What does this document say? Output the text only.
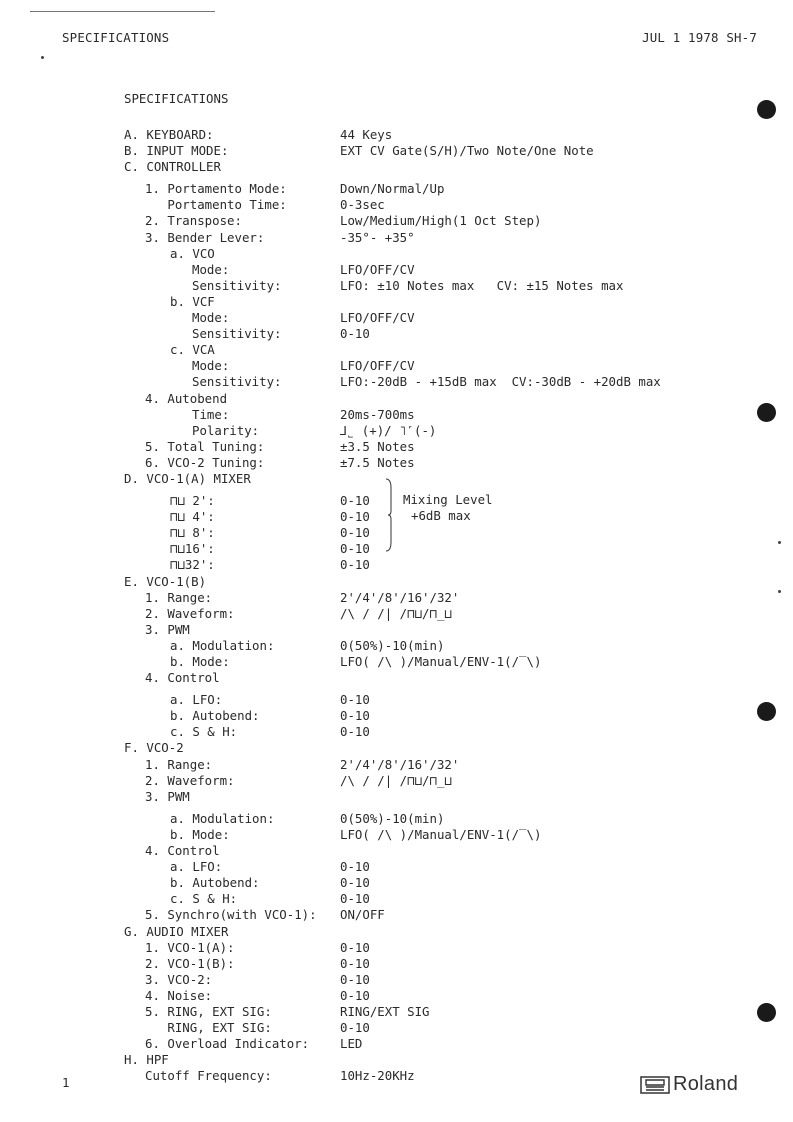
SPECIFICATIONS	JUL 1 1978 SH-7
SPECIFICATIONS
A. KEYBOARD:	44 Keys
B. INPUT MODE:	EXT CV Gate(S/H)/Two Note/One Note
C. CONTROLLER
1. Portamento Mode:	Down/Normal/Up
Portamento Time:	0-3sec
2. Transpose:	Low/Medium/High(1 Oct Step)
3. Bender Lever:	-35°- +35°
a. VCO
Mode:	LFO/OFF/CV
Sensitivity:	LFO: ±10 Notes max   CV: ±15 Notes max
b. VCF
Mode:	LFO/OFF/CV
Sensitivity:	0-10
c. VCA
Mode:	LFO/OFF/CV
Sensitivity:	LFO:-20dB - +15dB max  CV:-30dB - +20dB max
4. Autobend
Time:	20ms-700ms
Polarity:	⅃˾ (+)/ ˥˹(-)
5. Total Tuning:	±3.5 Notes
6. VCO-2 Tuning:	±7.5 Notes
D. VCO-1(A) MIXER
⊓⊔ 2':	0-10
⊓⊔ 4':	0-10
⊓⊔ 8':	0-10
⊓⊔16':	0-10
⊓⊔32':	0-10
E. VCO-1(B)
1. Range:	2'/4'/8'/16'/32'
2. Waveform:	/\ / /| /⊓⊔/⊓_⊔
3. PWM
a. Modulation:	0(50%)-10(min)
b. Mode:	LFO( /\ )/Manual/ENV-1(/‾\)
4. Control
a. LFO:	0-10
b. Autobend:	0-10
c. S & H:	0-10
F. VCO-2
1. Range:	2'/4'/8'/16'/32'
2. Waveform:	/\ / /| /⊓⊔/⊓_⊔
3. PWM
a. Modulation:	0(50%)-10(min)
b. Mode:	LFO( /\ )/Manual/ENV-1(/‾\)
4. Control
a. LFO:	0-10
b. Autobend:	0-10
c. S & H:	0-10
5. Synchro(with VCO-1): ON/OFF
G. AUDIO MIXER
1. VCO-1(A):	0-10
2. VCO-1(B):	0-10
3. VCO-2:	0-10
4. Noise:	0-10
5. RING, EXT SIG:	RING/EXT SIG
RING, EXT SIG:	0-10
6. Overload Indicator: LED
H. HPF
Cutoff Frequency:	10Hz-20KHz
Mixing Level
+6dB max
1	Roland
